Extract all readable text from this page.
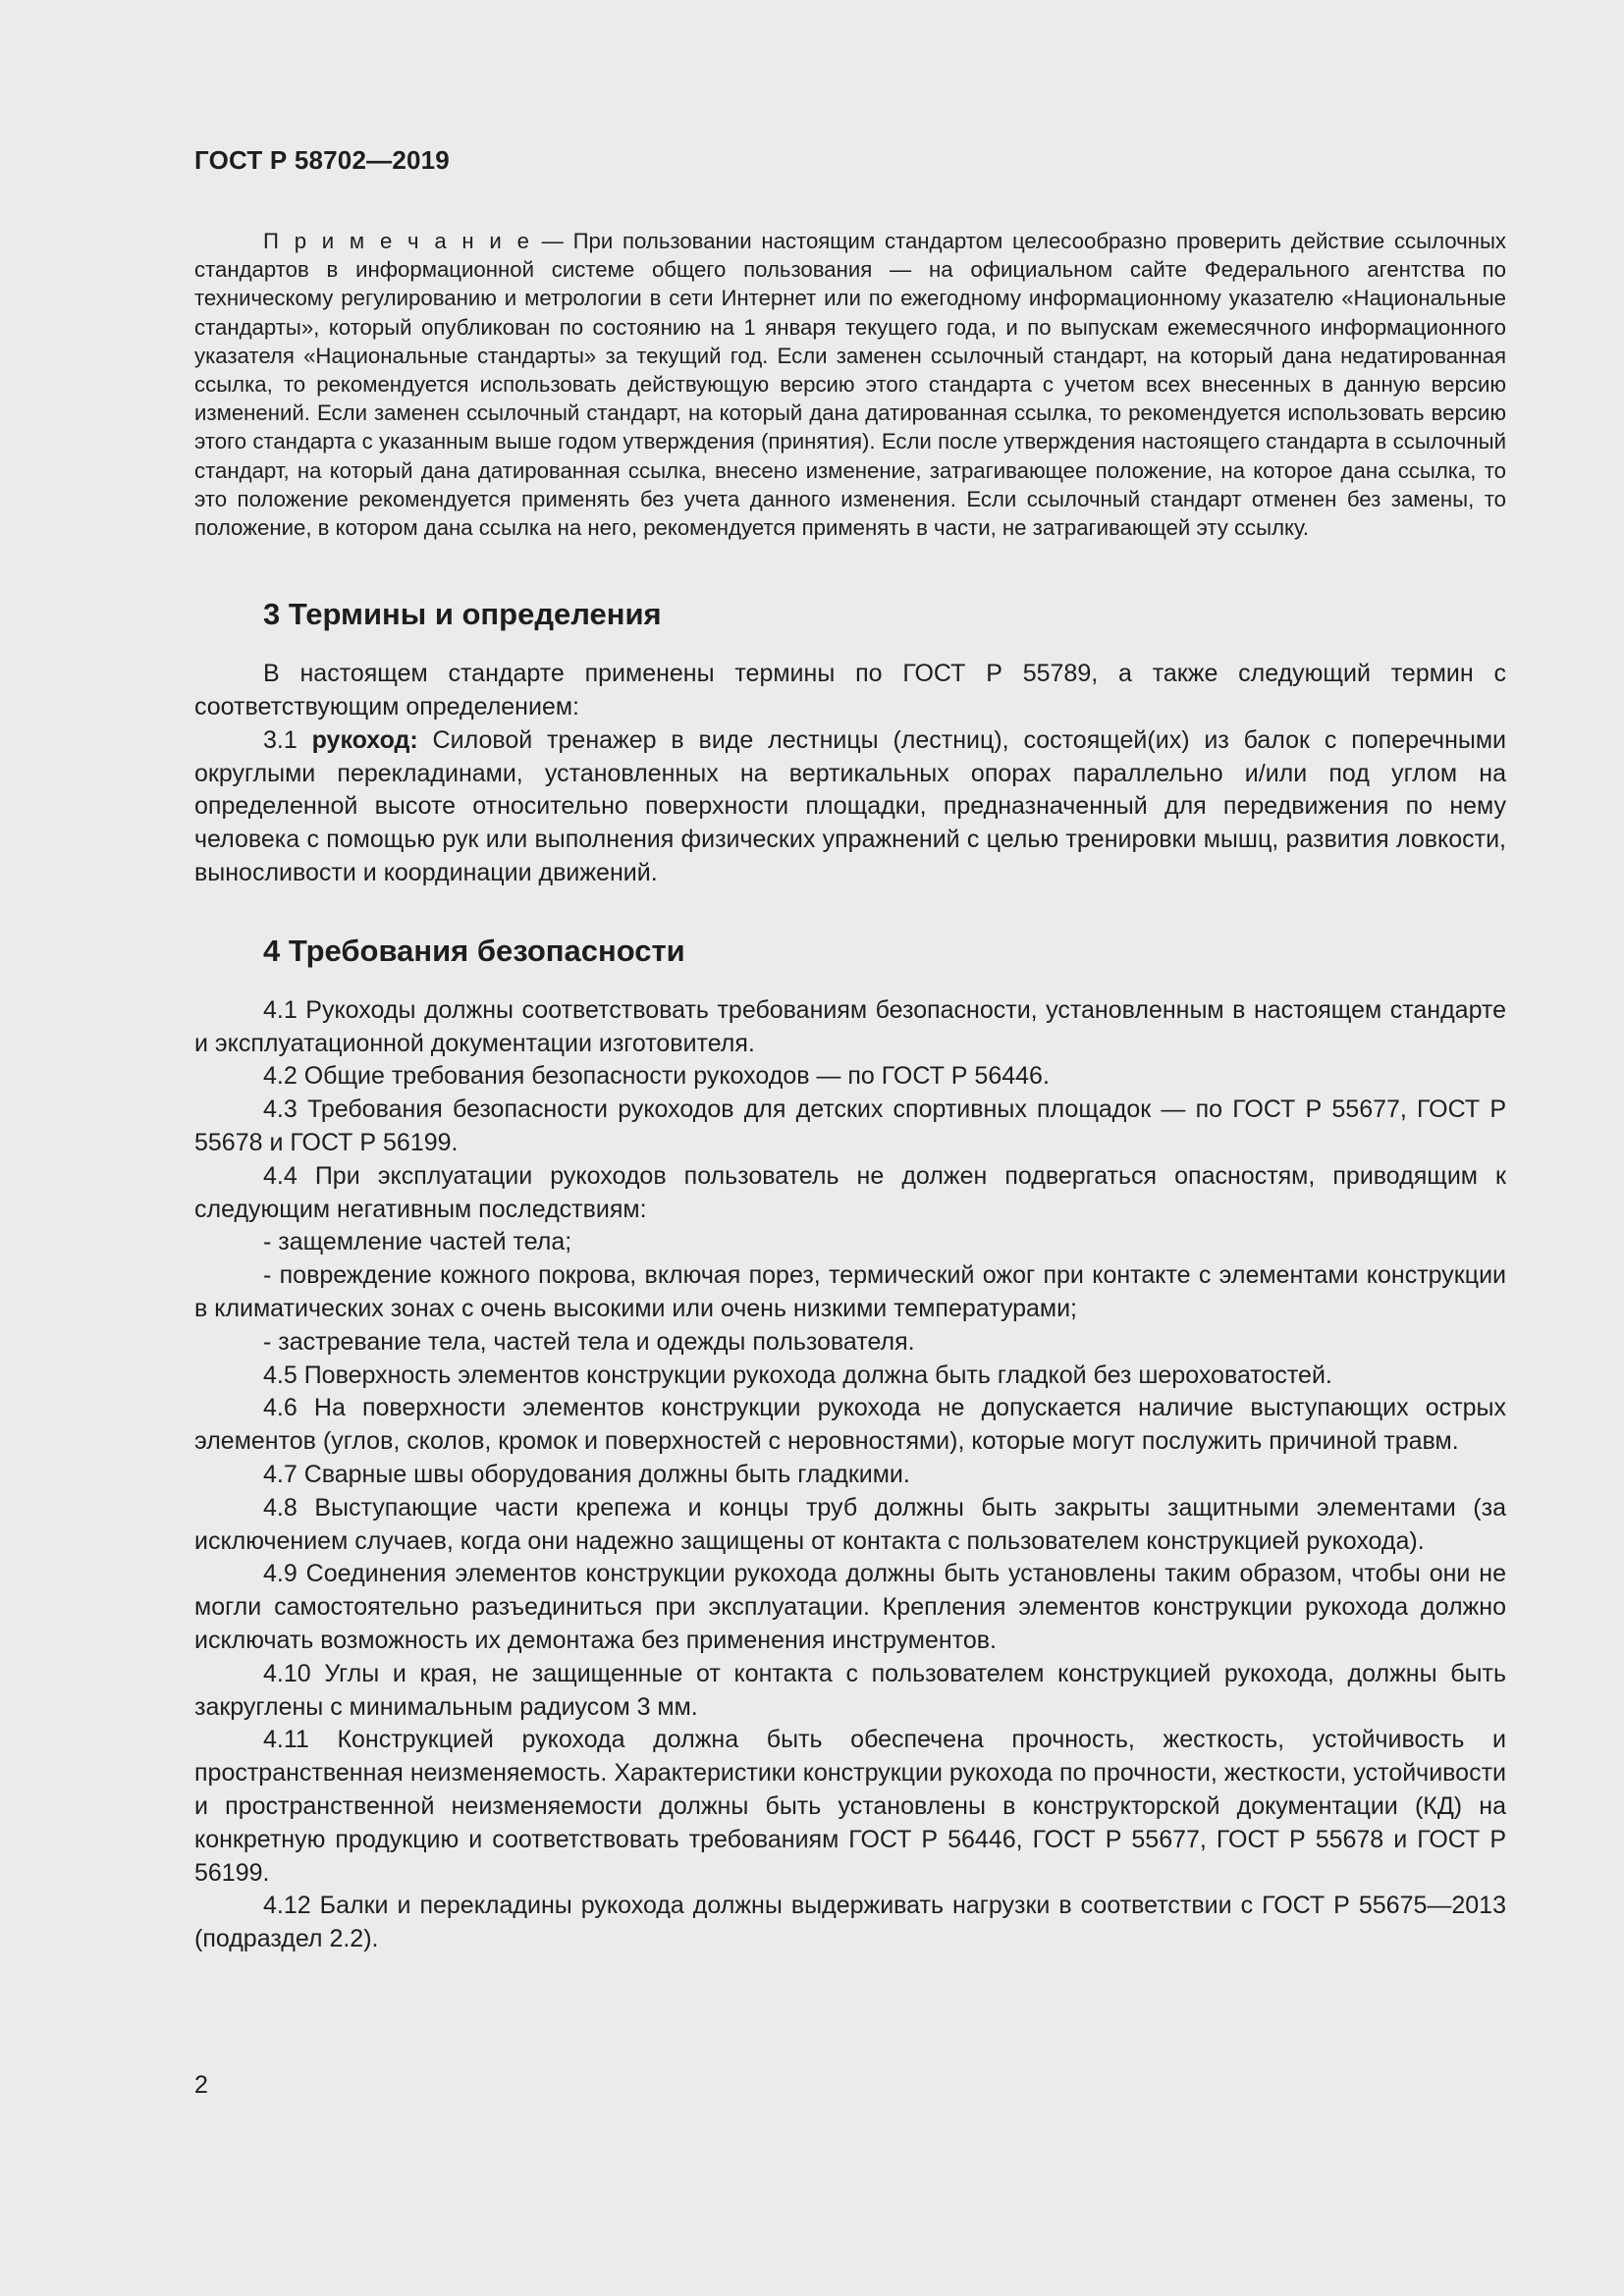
ГОСТ Р 58702—2019

П р и м е ч а н и е — При пользовании настоящим стандартом целесообразно проверить действие ссылочных стандартов в информационной системе общего пользования — на официальном сайте Федерального агентства по техническому регулированию и метрологии в сети Интернет или по ежегодному информационному указателю «Национальные стандарты», который опубликован по состоянию на 1 января текущего года, и по выпускам ежемесячного информационного указателя «Национальные стандарты» за текущий год. Если заменен ссылочный стандарт, на который дана недатированная ссылка, то рекомендуется использовать действующую версию этого стандарта с учетом всех внесенных в данную версию изменений. Если заменен ссылочный стандарт, на который дана датированная ссылка, то рекомендуется использовать версию этого стандарта с указанным выше годом утверждения (принятия). Если после утверждения настоящего стандарта в ссылочный стандарт, на который дана датированная ссылка, внесено изменение, затрагивающее положение, на которое дана ссылка, то это положение рекомендуется применять без учета данного изменения. Если ссылочный стандарт отменен без замены, то положение, в котором дана ссылка на него, рекомендуется применять в части, не затрагивающей эту ссылку.

3 Термины и определения

В настоящем стандарте применены термины по ГОСТ Р 55789, а также следующий термин с соответствующим определением:

3.1 рукоход: Силовой тренажер в виде лестницы (лестниц), состоящей(их) из балок с поперечными округлыми перекладинами, установленных на вертикальных опорах параллельно и/или под углом на определенной высоте относительно поверхности площадки, предназначенный для передвижения по нему человека с помощью рук или выполнения физических упражнений с целью тренировки мышц, развития ловкости, выносливости и координации движений.

4 Требования безопасности

4.1 Рукоходы должны соответствовать требованиям безопасности, установленным в настоящем стандарте и эксплуатационной документации изготовителя.

4.2 Общие требования безопасности рукоходов — по ГОСТ Р 56446.

4.3 Требования безопасности рукоходов для детских спортивных площадок — по ГОСТ Р 55677, ГОСТ Р 55678 и ГОСТ Р 56199.

4.4 При эксплуатации рукоходов пользователь не должен подвергаться опасностям, приводящим к следующим негативным последствиям:

- защемление частей тела;

- повреждение кожного покрова, включая порез, термический ожог при контакте с элементами конструкции в климатических зонах с очень высокими или очень низкими температурами;

- застревание тела, частей тела и одежды пользователя.

4.5 Поверхность элементов конструкции рукохода должна быть гладкой без шероховатостей.

4.6 На поверхности элементов конструкции рукохода не допускается наличие выступающих острых элементов (углов, сколов, кромок и поверхностей с неровностями), которые могут послужить причиной травм.

4.7 Сварные швы оборудования должны быть гладкими.

4.8 Выступающие части крепежа и концы труб должны быть закрыты защитными элементами (за исключением случаев, когда они надежно защищены от контакта с пользователем конструкцией рукохода).

4.9 Соединения элементов конструкции рукохода должны быть установлены таким образом, чтобы они не могли самостоятельно разъединиться при эксплуатации. Крепления элементов конструкции рукохода должно исключать возможность их демонтажа без применения инструментов.

4.10 Углы и края, не защищенные от контакта с пользователем конструкцией рукохода, должны быть закруглены с минимальным радиусом 3 мм.

4.11 Конструкцией рукохода должна быть обеспечена прочность, жесткость, устойчивость и пространственная неизменяемость. Характеристики конструкции рукохода по прочности, жесткости, устойчивости и пространственной неизменяемости должны быть установлены в конструкторской документации (КД) на конкретную продукцию и соответствовать требованиям ГОСТ Р 56446, ГОСТ Р 55677, ГОСТ Р 55678 и ГОСТ Р 56199.

4.12 Балки и перекладины рукохода должны выдерживать нагрузки в соответствии с ГОСТ Р 55675—2013 (подраздел 2.2).

2
